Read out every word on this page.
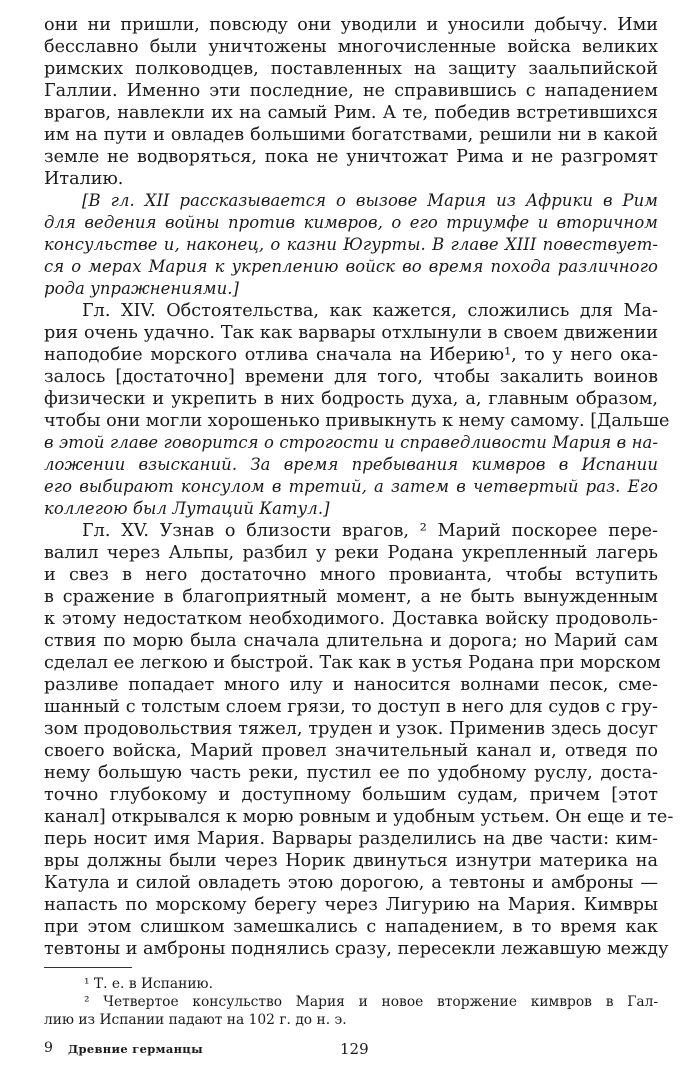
они ни пришли, повсюду они уводили и уносили добычу. Ими
бесславно были уничтожены многочисленные войска великих
римских полководцев, поставленных на защиту заальпийской
Галлии. Именно эти последние, не справившись с нападением
врагов, навлекли их на самый Рим. А те, победив встретившихся
им на пути и овладев большими богатствами, решили ни в какой
земле не водворяться, пока не уничтожат Рима и не разгромят
Италию.
[В гл. XII рассказывается о вызове Мария из Африки в Рим
для ведения войны против кимвров, о его триумфе и вторичном
консульстве и, наконец, о казни Югурты. В главе XIII повествует-
ся о мерах Мария к укреплению войск во время похода различного
рода упражнениями.]
Гл. XIV. Обстоятельства, как кажется, сложились для Ма-
рия очень удачно. Так как варвары отхлынули в своем движении
наподобие морского отлива сначала на Иберию¹, то у него ока-
залось [достаточно] времени для того, чтобы закалить воинов
физически и укрепить в них бодрость духа, а, главным образом,
чтобы они могли хорошенько привыкнуть к нему самому. [Дальше
в этой главе говорится о строгости и справедливости Мария в на-
ложении взысканий. За время пребывания кимвров в Испании
его выбирают консулом в третий, а затем в четвертый раз. Его
коллегою был Лутаций Катул.]
Гл. XV. Узнав о близости врагов, ² Марий поскорее пере-
валил через Альпы, разбил у реки Родана укрепленный лагерь
и свез в него достаточно много провианта, чтобы вступить
в сражение в благоприятный момент, а не быть вынужденным
к этому недостатком необходимого. Доставка войску продоволь-
ствия по морю была сначала длительна и дорога; но Марий сам
сделал ее легкою и быстрой. Так как в устья Родана при морском
разливе попадает много илу и наносится волнами песок, сме-
шанный с толстым слоем грязи, то доступ в него для судов с гру-
зом продовольствия тяжел, труден и узок. Применив здесь досуг
своего войска, Марий провел значительный канал и, отведя по
нему большую часть реки, пустил ее по удобному руслу, доста-
точно глубокому и доступному большим судам, причем [этот
канал] открывался к морю ровным и удобным устьем. Он еще и те-
перь носит имя Мария. Варвары разделились на две части: ким-
вры должны были через Норик двинуться изнутри материка на
Катула и силой овладеть этою дорогою, а тевтоны и амброны —
напасть по морскому берегу через Лигурию на Мария. Кимвры
при этом слишком замешкались с нападением, в то время как
тевтоны и амброны поднялись сразу, пересекли лежавшую между
¹ Т. е. в Испанию.
² Четвертое консульство Мария и новое вторжение кимвров в Гал-
лию из Испании падают на 102 г. до н. э.
9 Древние германцы	129
